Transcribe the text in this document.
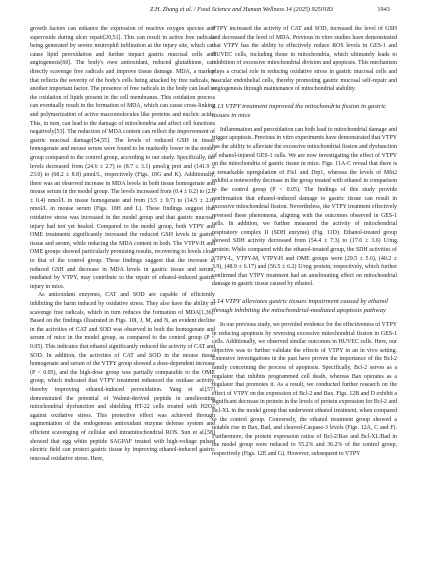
Z.H. Zhang et al. / Food Science and Human Wellness 14 (2025) 9250183	1943

growth factors can enhance the expression of reactive oxygen species and superoxide during ulcer repair[20,51]. This can result in active free radicals being generated by severe neutrophil infiltration at the injury site, which can cause lipid peroxidation and further impact gastric mucosal cells and angiogenesis[60]. The body's own antioxidant, reduced glutathione, can directly scavenge free radicals and improve tissue damage. MDA, a marker that reflects the severity of the body's cells being attacked by free radicals, is another important factor. The presence of free radicals in the body can lead to the oxidation of lipids present in the cell membranes. This oxidation process can eventually result in the formation of MDA, which can cause cross-linking and polymerization of active macromolecules like proteins and nucleic acids. This, in turn, can lead to the damage of mitochondria and affect cell functions negatively[53]. The reduction of MDA content can reflect the improvement of gastric mucosal damage[54,55]. The levels of reduced GSH in tissue homogenate and mouse serum were found to be markedly lower in the model group compared to the control group, according to our study. Specifically, the levels decreased from (24.6 ± 2.7) to (8.7 ± 3.1) μmol/g prot and (141.9 ± 23.0) to (68.2 ± 8.8) μmol/L, respectively (Figs. 10G and K). Additionally, there was an observed increase in MDA levels in both tissue homogenate and mouse serum in the model group. The levels increased from (0.4 ± 0.2) to (2.0 ± 0.4) nmol/L in tissue homogenate and from (3.5 ± 0.7) to (14.5 ± 2.0) nmol/L in mouse serum (Figs. 10H and L). These findings suggest that oxidative stress was increased in the model group and that gastric mucosal injury had not yet healed. Compared to the model group, both VTPY and OME treatments significantly increased the reduced GSH levels in gastric tissue and serum, while reducing the MDA content in both. The VTPY-H and OME groups showed particularly promising results, recovering to levels close to that of the control group. These findings suggest that the increase in reduced GSH and decrease in MDA levels in gastric tissue and serum, mediated by VTPY, may contribute to the repair of ethanol-induced gastric injury in mice.

As antioxidant enzymes, CAT and SOD are capable of efficiently inhibiting the harm induced by oxidative stress. They also have the ability to scavenge free radicals, which in turn reduces the formation of MDA[1,36]. Based on the findings illustrated in Figs. 10I, J, M, and N, an evident decline in the activities of CAT and SOD was observed in both the homogenate and serum of mice in the model group, as compared to the control group (P < 0.05). This indicates that ethanol significantly reduced the activity of CAT and SOD. In addition, the activities of CAT and SOD in the mouse tissue homogenate and serum of the VTPY group showed a dose-dependent increase (P < 0.05), and the high-dose group was partially comparable to the OME group, which indicated that VTPY treatment enhanced the oxidase activity, thereby improving ethanol-induced peroxidation. Yang et al.[57] demonstrated the potential of Walnut-derived peptide in ameliorating mitochondrial dysfunction and shielding HT-22 cells treated with H2O2 against oxidative stress. This protective effect was achieved through augmentation of the endogenous antioxidant enzyme defense system and efficient scavenging of cellular and intramitochondrial ROS. Sun et al.[58] showed that egg white peptide SAGPAF treated with high-voltage pulsed electric field can protect gastric tissue by improving ethanol-induced gastric mucosal oxidative stress. Here,

VTPY increased the activity of CAT and SOD, increased the level of GSH and decreased the level of MDA. Previous in vitro studies have demonstrated that VTPY has the ability to effectively reduce ROS levels in GES-1 and HUVEC cells, including those in mitochondria, which ultimately leads to inhibition of excessive mitochondrial division and apoptosis. This mechanism plays a crucial role in reducing oxidative stress in gastric mucosal cells and vascular endothelial cells, thereby promoting gastric mucosal self-repair and angiogenesis through maintenance of mitochondrial stability.

3.13 VTPY treatment improved the mitochondria fission in gastric tissues in mice

Inflammation and peroxidation can both lead to mitochondrial damage and trigger apoptosis. Previous in vitro experiments have demonstrated that VTPY has the ability to alleviate the excessive mitochondrial fission and dysfunction of ethanol-injured GES-1 cells. We are now investigating the effect of VTPY on the mitochondria of gastric tissue in mice. Figs. 11A-C reveal that there is a remarkable upregulation of Fis1 and Drp1, whereas the levels of Mfn2 exhibit a noteworthy decrease in the group treated with ethanol in comparison to the control group (P < 0.05). The findings of this study provide confirmation that ethanol-induced damage to gastric tissue can result in excessive mitochondrial fission. Nevertheless, the VTPY treatment effectively reversed these phenomena, aligning with the outcomes observed in GES-1 cells. In addition, we further measured the activity of mitochondrial respiratory complex II (SDH enzyme) (Fig. 11D). Ethanol-treated group showed SDH activity decreased from (54.4 ± 7.3) to (17.6 ± 3.6) U/mg protein. While compared with the ethanol-treated group, the SDH activities of VTPY-L, VTPY-M, VTPY-H and OME groups were (29.5 ± 5.6), (40.2 ± 3.9), (48.9 ± 6.17) and (56.5 ± 6.2) U/mg protein, respectively, which further confirmed that VTPY treatment had an ameliorating effect on mitochondrial damage in gastric tissue caused by ethanol.

3.14 VTPY alleviates gastric tissues impairment caused by ethanol through inhibiting the mitochondrial-mediated apoptosis pathway

In our previous study, we provided evidence for the effectiveness of VTPY in reducing apoptosis by reversing excessive mitochondrial fission in GES-1 cells. Additionally, we observed similar outcomes in HUVEC cells. Here, our objective was to further validate the effects of VTPY in an in vivo setting. Extensive investigations in the past have proven the importance of the Bcl-2 family concerning the process of apoptosis. Specifically, Bcl-2 serves as a regulator that inhibits programmed cell death, whereas Bax operates as a regulator that promotes it. As a result, we conducted further research on the effect of VTPY on the expression of Bcl-2 and Bax. Figs. 12B and D exhibit a significant decrease in protein in the levels of protein expression for Bcl-2 and Bcl-XL in the model group that underwent ethanol treatment, when compared to the control group. Conversely, the ethanol treatment group showed a notable rise in Bax, Bad, and cleaved-Caspase-3 levels (Figs. 12A, C and F). Furthermore, the protein expression ratios of Bcl-2/Bax and Bcl-XL/Bad in the model group were reduced to 55.2% and 36.2% of the control group, respectively (Figs. 12E and G). However, subsequent to VTPY
